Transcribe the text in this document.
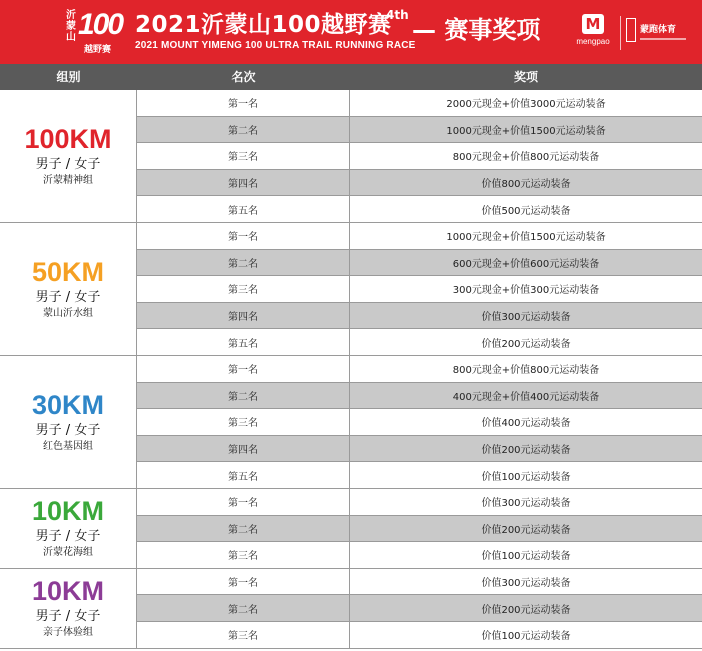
沂蒙山 100
越野赛
2021沂蒙山100越野赛
4th
— 赛事奖项
2021 MOUNT YIMENG 100 ULTRA TRAIL RUNNING RACE
M
mengpao
蒙跑体育
组别	名次	奖项
100KM
男子 / 女子
沂蒙精神组
第一名	2000元现金+价值3000元运动装备
第二名	1000元现金+价值1500元运动装备
第三名	800元现金+价值800元运动装备
第四名	价值800元运动装备
第五名	价值500元运动装备
50KM
男子 / 女子
蒙山沂水组
第一名	1000元现金+价值1500元运动装备
第二名	600元现金+价值600元运动装备
第三名	300元现金+价值300元运动装备
第四名	价值300元运动装备
第五名	价值200元运动装备
30KM
男子 / 女子
红色基因组
第一名	800元现金+价值800元运动装备
第二名	400元现金+价值400元运动装备
第三名	价值400元运动装备
第四名	价值200元运动装备
第五名	价值100元运动装备
10KM
男子 / 女子
沂蒙花海组
第一名	价值300元运动装备
第二名	价值200元运动装备
第三名	价值100元运动装备
10KM
男子 / 女子
亲子体验组
第一名	价值300元运动装备
第二名	价值200元运动装备
第三名	价值100元运动装备
